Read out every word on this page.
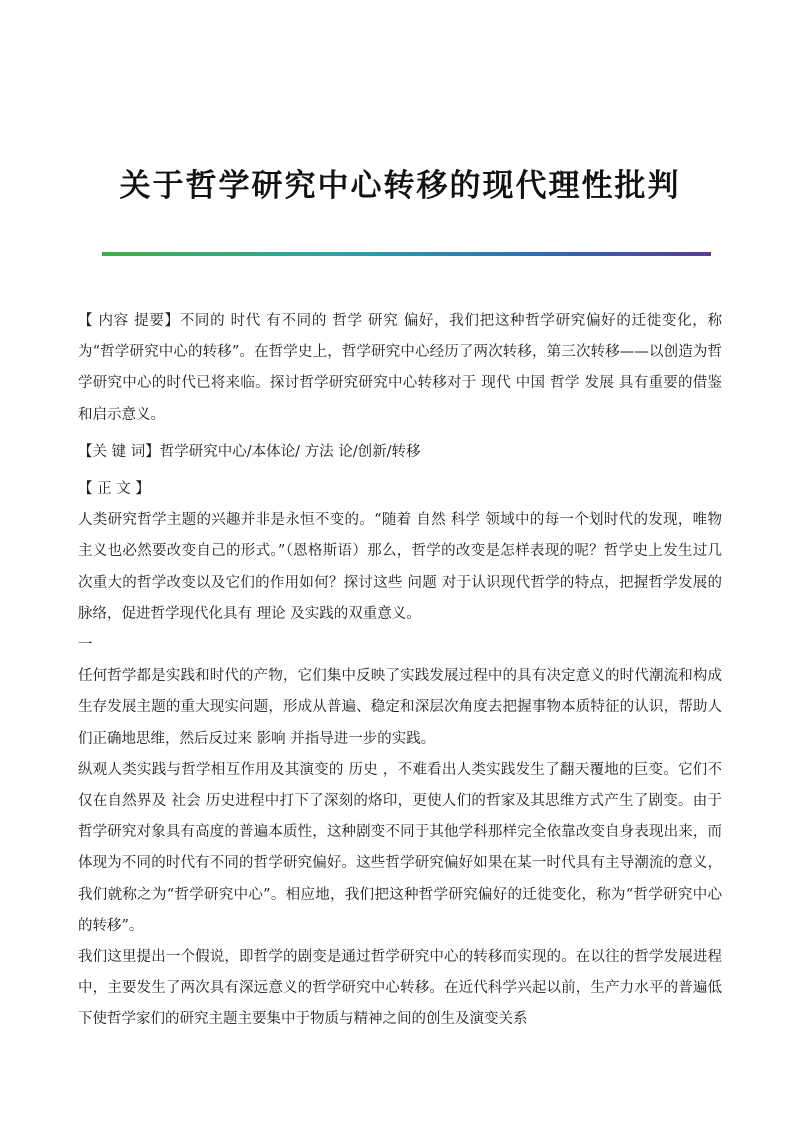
关于哲学研究中心转移的现代理性批判

【 内容 提要】不同的 时代 有不同的 哲学 研究 偏好，我们把这种哲学研究偏好的迁徙变化，称为“哲学研究中心的转移”。在哲学史上，哲学研究中心经历了两次转移，第三次转移——以创造为哲学研究中心的时代已将来临。探讨哲学研究研究中心转移对于 现代 中国 哲学 发展 具有重要的借鉴和启示意义。

【关 键 词】哲学研究中心/本体论/ 方法 论/创新/转移

【 正 文 】

人类研究哲学主题的兴趣并非是永恒不变的。“随着 自然 科学 领域中的每一个划时代的发现，唯物主义也必然要改变自己的形式。”（恩格斯语）那么，哲学的改变是怎样表现的呢？哲学史上发生过几次重大的哲学改变以及它们的作用如何？探讨这些 问题 对于认识现代哲学的特点，把握哲学发展的脉络，促进哲学现代化具有 理论 及实践的双重意义。

一

任何哲学都是实践和时代的产物，它们集中反映了实践发展过程中的具有决定意义的时代潮流和构成生存发展主题的重大现实问题，形成从普遍、稳定和深层次角度去把握事物本质特征的认识，帮助人们正确地思维，然后反过来 影响 并指导进一步的实践。

纵观人类实践与哲学相互作用及其演变的 历史 ，不难看出人类实践发生了翻天覆地的巨变。它们不仅在自然界及 社会 历史进程中打下了深刻的烙印，更使人们的哲家及其思维方式产生了剧变。由于哲学研究对象具有高度的普遍本质性，这种剧变不同于其他学科那样完全依靠改变自身表现出来，而体现为不同的时代有不同的哲学研究偏好。这些哲学研究偏好如果在某一时代具有主导潮流的意义，我们就称之为“哲学研究中心”。相应地，我们把这种哲学研究偏好的迁徙变化，称为“哲学研究中心的转移”。

我们这里提出一个假说，即哲学的剧变是通过哲学研究中心的转移而实现的。在以往的哲学发展进程中，主要发生了两次具有深远意义的哲学研究中心转移。在近代科学兴起以前，生产力水平的普遍低下使哲学家们的研究主题主要集中于物质与精神之间的创生及演变关系
